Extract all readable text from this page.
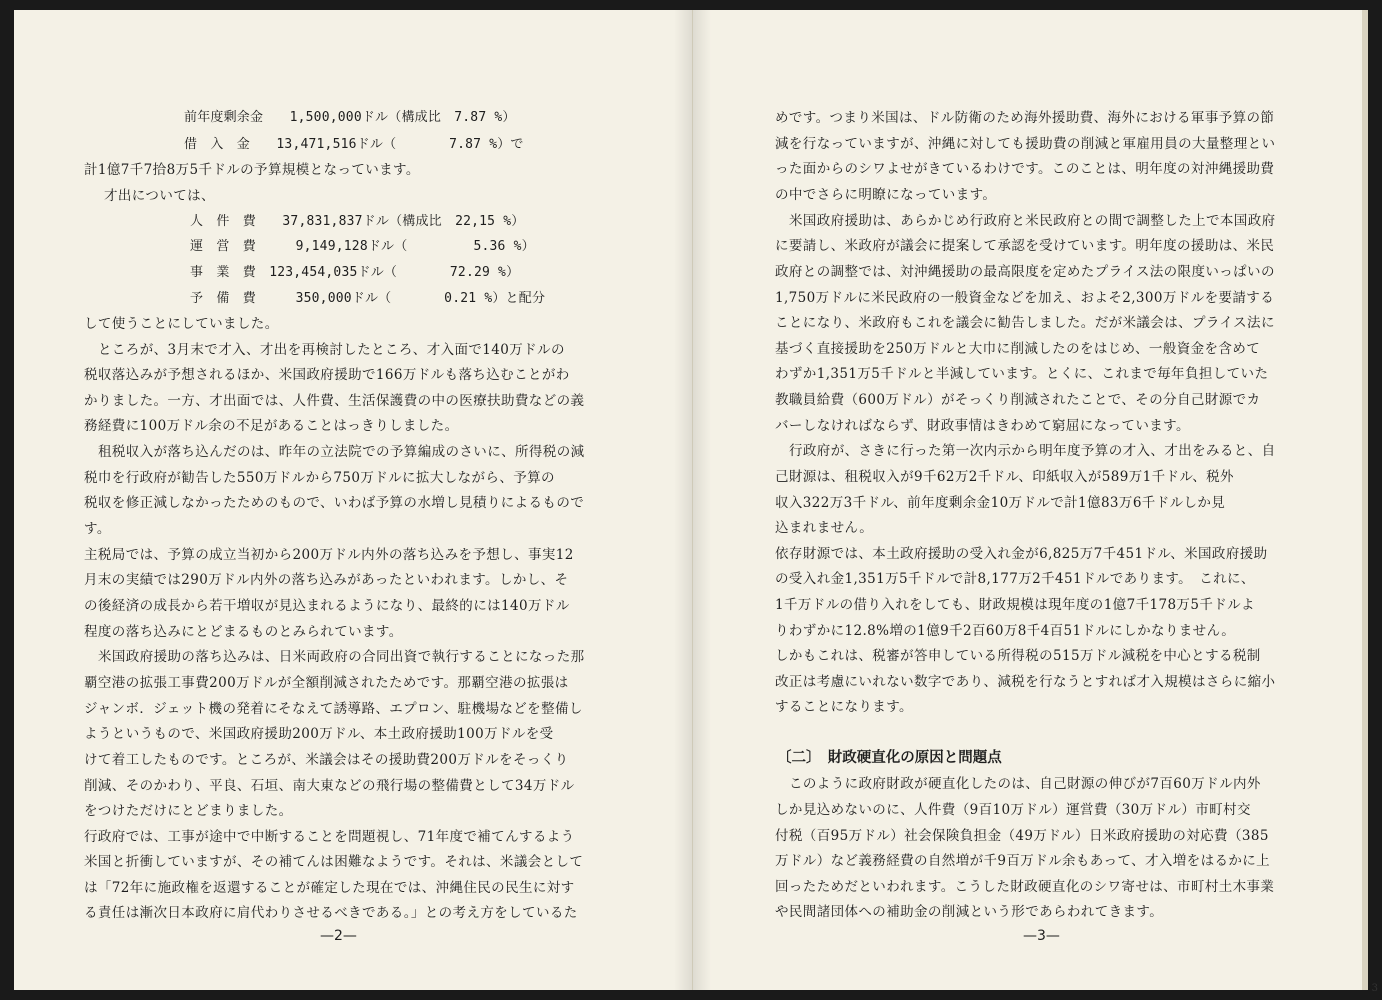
前年度剰余金　　1,500,000ドル（構成比　7.87 %）
借　入　金　　13,471,516ドル（　　　　7.87 %）で
計1億7千7拾8万5千ドルの予算規模となっています。
才出については、
人　件　費　　37,831,837ドル（構成比　22,15 %）
運　営　費　　　9,149,128ドル（　　　　　5.36 %）
事　業　費　123,454,035ドル（　　　　72.29 %）
予　備　費　　　350,000ドル（　　　　0.21 %）と配分
して使うことにしていました。
ところが、3月末で才入、才出を再検討したところ、才入面で140万ドルの
税収落込みが予想されるほか、米国政府援助で166万ドルも落ち込むことがわ
かりました。一方、才出面では、人件費、生活保護費の中の医療扶助費などの義
務経費に100万ドル余の不足があることはっきりしました。
租税収入が落ち込んだのは、昨年の立法院での予算編成のさいに、所得税の減
税巾を行政府が勧告した550万ドルから750万ドルに拡大しながら、予算の
税収を修正減しなかったためのもので、いわば予算の水増し見積りによるもので
す。
主税局では、予算の成立当初から200万ドル内外の落ち込みを予想し、事実12
月末の実績では290万ドル内外の落ち込みがあったといわれます。しかし、そ
の後経済の成長から若干増収が見込まれるようになり、最終的には140万ドル
程度の落ち込みにとどまるものとみられています。
米国政府援助の落ち込みは、日米両政府の合同出資で執行することになった那
覇空港の拡張工事費200万ドルが全額削減されたためです。那覇空港の拡張は
ジャンボ．ジェット機の発着にそなえて誘導路、エプロン、駐機場などを整備し
ようというもので、米国政府援助200万ドル、本土政府援助100万ドルを受
けて着工したものです。ところが、米議会はその援助費200万ドルをそっくり
削減、そのかわり、平良、石垣、南大東などの飛行場の整備費として34万ドル
をつけただけにとどまりました。
行政府では、工事が途中で中断することを問題視し、71年度で補てんするよう
米国と折衝していますが、その補てんは困難なようです。それは、米議会として
は「72年に施政権を返還することが確定した現在では、沖縄住民の民生に対す
る責任は漸次日本政府に肩代わりさせるべきである。」との考え方をしているた
—2—
めです。つまり米国は、ドル防衛のため海外援助費、海外における軍事予算の節
減を行なっていますが、沖縄に対しても援助費の削減と軍雇用員の大量整理とい
った面からのシワよせがきているわけです。このことは、明年度の対沖縄援助費
の中でさらに明瞭になっています。
米国政府援助は、あらかじめ行政府と米民政府との間で調整した上で本国政府
に要請し、米政府が議会に提案して承認を受けています。明年度の援助は、米民
政府との調整では、対沖縄援助の最高限度を定めたプライス法の限度いっぱいの
1,750万ドルに米民政府の一般資金などを加え、およそ2,300万ドルを要請する
ことになり、米政府もこれを議会に勧告しました。だが米議会は、プライス法に
基づく直接援助を250万ドルと大巾に削減したのをはじめ、一般資金を含めて
わずか1,351万5千ドルと半減しています。とくに、これまで毎年負担していた
教職員給費（600万ドル）がそっくり削減されたことで、その分自己財源でカ
バーしなければならず、財政事情はきわめて窮屈になっています。
行政府が、さきに行った第一次内示から明年度予算の才入、才出をみると、自
己財源は、租税収入が9千62万2千ドル、印紙収入が589万1千ドル、税外
収入322万3千ドル、前年度剰余金10万ドルで計1億83万6千ドルしか見
込まれません。
依存財源では、本土政府援助の受入れ金が6,825万7千451ドル、米国政府援助
の受入れ金1,351万5千ドルで計8,177万2千451ドルであります。　これに、
1千万ドルの借り入れをしても、財政規模は現年度の1億7千178万5千ドルよ
りわずかに12.8%増の1億9千2百60万8千4百51ドルにしかなりません。
しかもこれは、税審が答申している所得税の515万ドル減税を中心とする税制
改正は考慮にいれない数字であり、減税を行なうとすれば才入規模はさらに縮小
することになります。
〔二〕　財政硬直化の原因と問題点
このように政府財政が硬直化したのは、自己財源の伸びが7百60万ドル内外
しか見込めないのに、人件費（9百10万ドル）運営費（30万ドル）市町村交
付税（百95万ドル）社会保険負担金（49万ドル）日米政府援助の対応費（385
万ドル）など義務経費の自然増が千9百万ドル余もあって、才入増をはるかに上
回ったためだといわれます。こうした財政硬直化のシワ寄せは、市町村土木事業
や民間諸団体への補助金の削減という形であらわれてきます。
—3—
3
